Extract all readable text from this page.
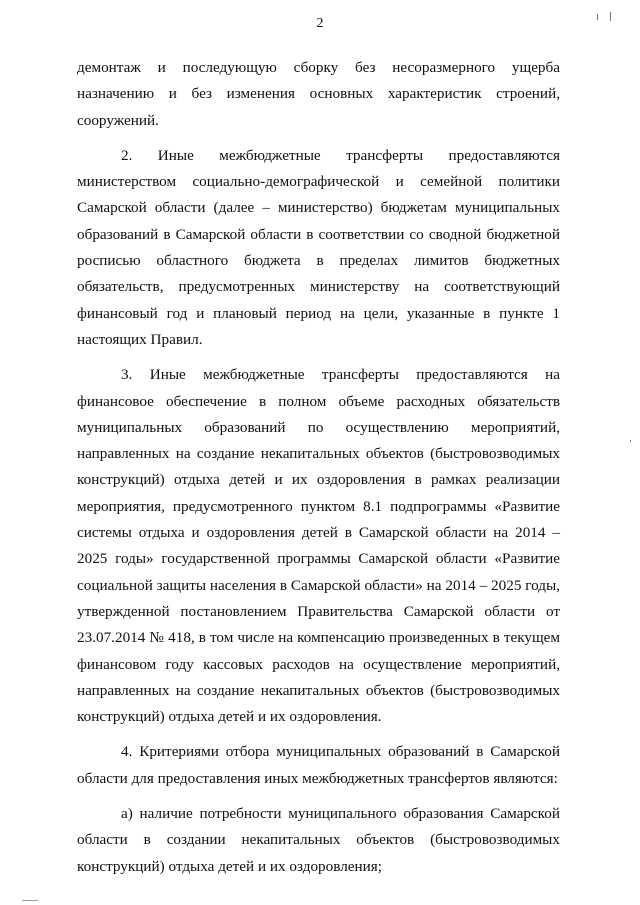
2

демонтаж и последующую сборку без несоразмерного ущерба назначению и без изменения основных характеристик строений, сооружений.

2. Иные межбюджетные трансферты предоставляются министерством социально-демографической и семейной политики Самарской области (далее – министерство) бюджетам муниципальных образований в Самарской области в соответствии со сводной бюджетной росписью областного бюджета в пределах лимитов бюджетных обязательств, предусмотренных министерству на соответствующий финансовый год и плановый период на цели, указанные в пункте 1 настоящих Правил.

3. Иные межбюджетные трансферты предоставляются на финансовое обеспечение в полном объеме расходных обязательств муниципальных образований по осуществлению мероприятий, направленных на создание некапитальных объектов (быстровозводимых конструкций) отдыха детей и их оздоровления в рамках реализации мероприятия, предусмотренного пунктом 8.1 подпрограммы «Развитие системы отдыха и оздоровления детей в Самарской области на 2014 – 2025 годы» государственной программы Самарской области «Развитие социальной защиты населения в Самарской области» на 2014 – 2025 годы, утвержденной постановлением Правительства Самарской области от 23.07.2014 № 418, в том числе на компенсацию произведенных в текущем финансовом году кассовых расходов на осуществление мероприятий, направленных на создание некапитальных объектов (быстровозводимых конструкций) отдыха детей и их оздоровления.

4. Критериями отбора муниципальных образований в Самарской области для предоставления иных межбюджетных трансфертов являются:

а) наличие потребности муниципального образования Самарской области в создании некапитальных объектов (быстровозводимых конструкций) отдыха детей и их оздоровления;
